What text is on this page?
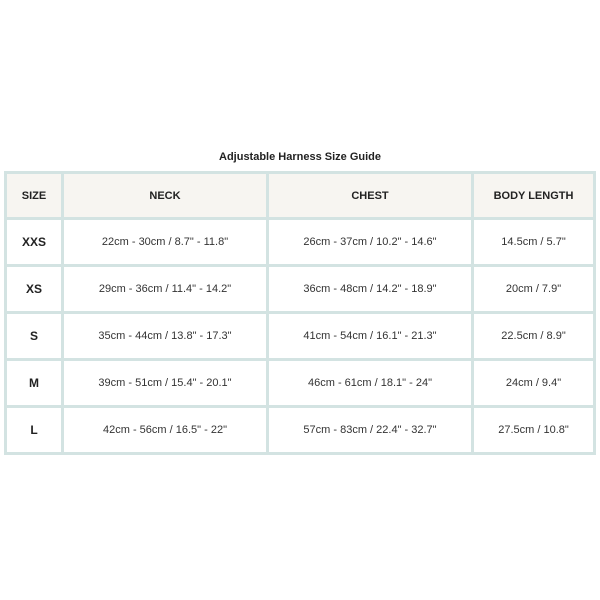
Adjustable Harness Size Guide
SIZE	NECK	CHEST	BODY LENGTH
XXS	22cm - 30cm / 8.7" - 11.8"	26cm - 37cm / 10.2" - 14.6"	14.5cm / 5.7"
XS	29cm - 36cm / 11.4" - 14.2"	36cm - 48cm / 14.2" - 18.9"	20cm / 7.9"
S	35cm - 44cm / 13.8" - 17.3"	41cm - 54cm / 16.1" - 21.3"	22.5cm / 8.9"
M	39cm - 51cm / 15.4" - 20.1"	46cm - 61cm / 18.1" - 24"	24cm / 9.4"
L	42cm - 56cm / 16.5" - 22"	57cm - 83cm / 22.4" - 32.7"	27.5cm / 10.8"
